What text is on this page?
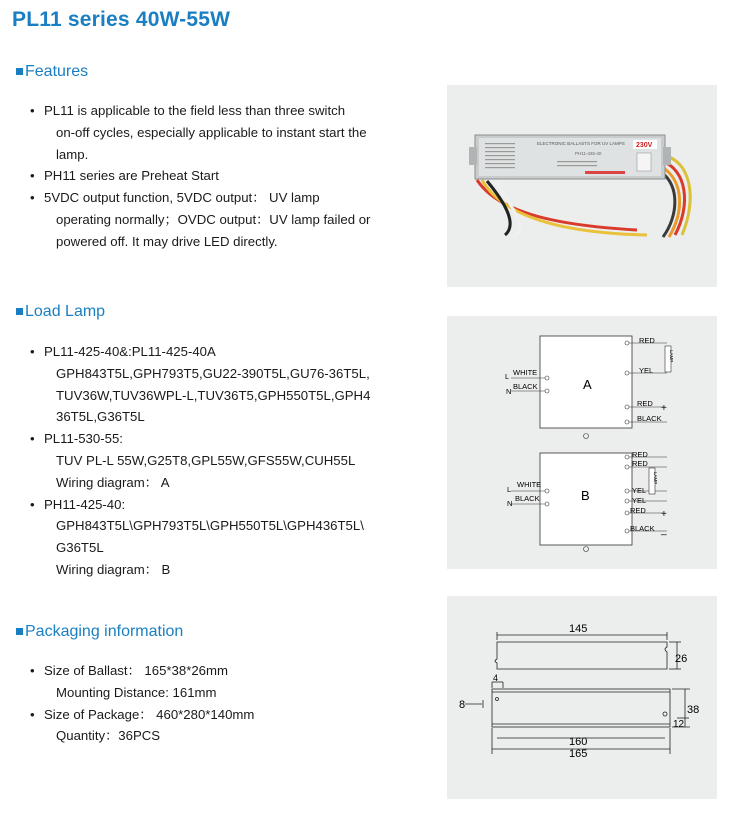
PL11 series 40W-55W
Features
• PL11 is applicable to the field less than three switch
on-off cycles, especially applicable to instant start the
lamp.
• PH11 series are Preheat Start
• 5VDC output function, 5VDC output： UV lamp
operating normally；OVDC output：UV lamp failed or
powered off. It may drive LED directly.
Load Lamp
• PL11-425-40&:PL11-425-40A
GPH843T5L,GPH793T5,GU22-390T5L,GU76-36T5L,
TUV36W,TUV36WPL-L,TUV36T5,GPH550T5L,GPH4
36T5L,G36T5L
• PL11-530-55:
TUV PL-L 55W,G25T8,GPL55W,GFS55W,CUH55L
Wiring diagram： A
• PH11-425-40:
GPH843T5L\GPH793T5L\GPH550T5L\GPH436T5L\
G36T5L
Wiring diagram： B
Packaging information
• Size of Ballast： 165*38*26mm
Mounting Distance: 161mm
• Size of Package： 460*280*140mm
Quantity：36PCS
ELECTRONIC BALLASTS FOR UV LAMPS 230V
PH11-425-40
A
WHITE
BLACK
L
N
RED
YEL
RED
BLACK
+
LAMP
B
WHITE
BLACK
L
N
RED
RED
YEL
YEL
RED
BLACK
+
_
LAMP
145
26
4
8	38
12
160
165
